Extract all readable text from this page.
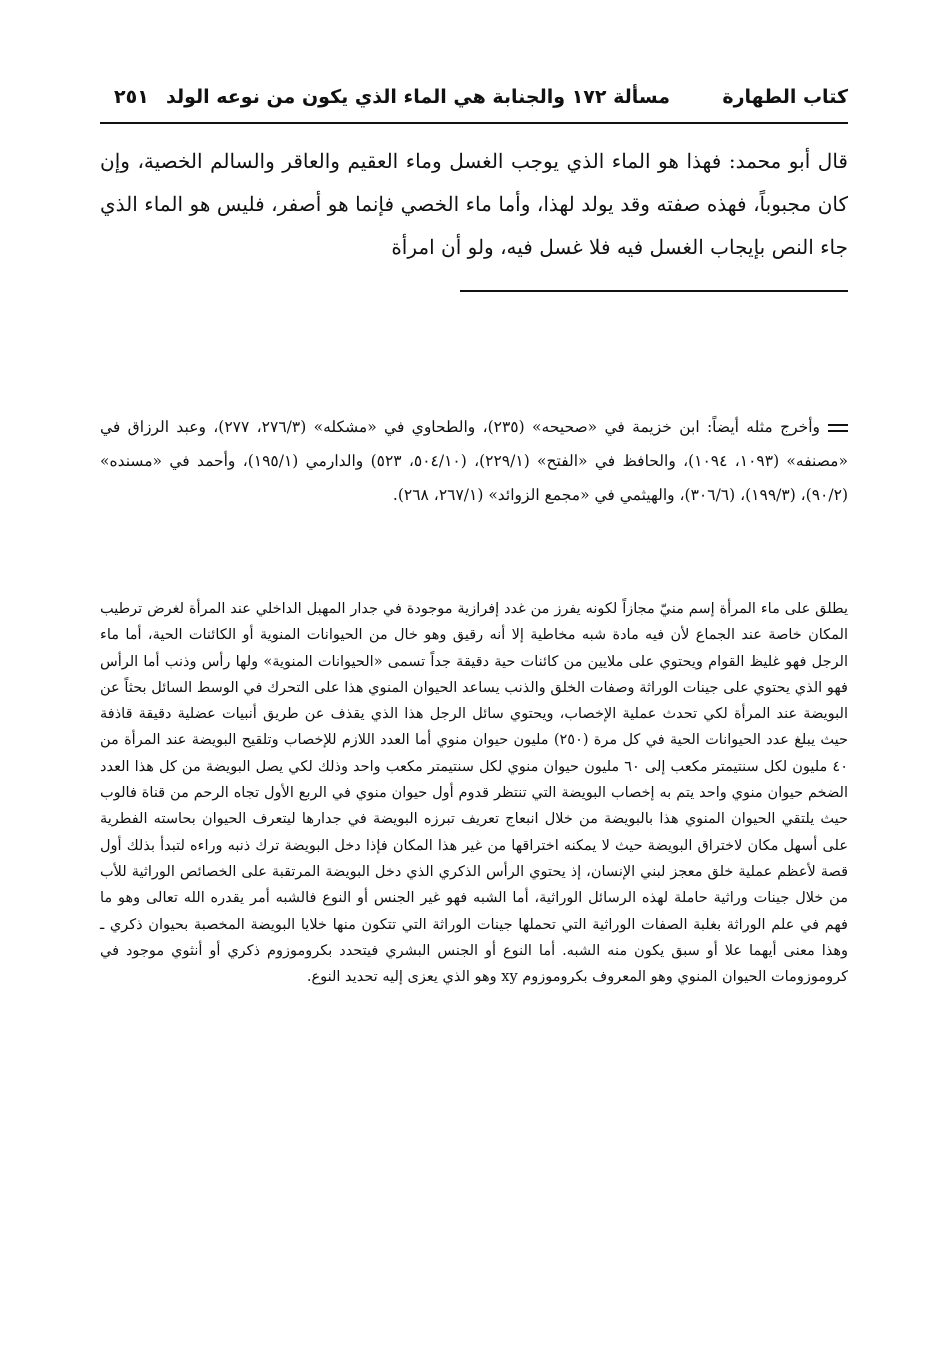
كتاب الطهارة
مسألة ١٧٢ والجنابة هي الماء الذي يكون من نوعه الولد
٢٥١

قال أبو محمد: فهذا هو الماء الذي يوجب الغسل وماء العقيم والعاقر والسالم الخصية، وإن كان مجبوباً، فهذه صفته وقد يولد لهذا، وأما ماء الخصي فإنما هو أصفر، فليس هو الماء الذي جاء النص بإيجاب الغسل فيه فلا غسل فيه، ولو أن امرأة

وأخرج مثله أيضاً: ابن خزيمة في «صحيحه» (٢٣٥)، والطحاوي في «مشكله» (٢٧٦/٣، ٢٧٧)، وعبد الرزاق في «مصنفه» (١٠٩٣، ١٠٩٤)، والحافظ في «الفتح» (٢٢٩/١)، (٥٠٤/١٠، ٥٢٣) والدارمي (١٩٥/١)، وأحمد في «مسنده» (٩٠/٢)، (١٩٩/٣)، (٣٠٦/٦)، والهيثمي في «مجمع الزوائد» (٢٦٧/١، ٢٦٨).

يطلق على ماء المرأة إسم منيّ مجازاً لكونه يفرز من غدد إفرازية موجودة في جدار المهبل الداخلي عند المرأة لغرض ترطيب المكان خاصة عند الجماع لأن فيه مادة شبه مخاطية إلا أنه رقيق وهو خال من الحيوانات المنوية أو الكائنات الحية، أما ماء الرجل فهو غليظ القوام ويحتوي على ملايين من كائنات حية دقيقة جداً تسمى «الحيوانات المنوية» ولها رأس وذنب أما الرأس فهو الذي يحتوي على جينات الوراثة وصفات الخلق والذنب يساعد الحيوان المنوي هذا على التحرك في الوسط السائل بحثاً عن البويضة عند المرأة لكي تحدث عملية الإخصاب، ويحتوي سائل الرجل هذا الذي يقذف عن طريق أنبيات عضلية دقيقة قاذفة حيث يبلغ عدد الحيوانات الحية في كل مرة (٢٥٠) مليون حيوان منوي أما العدد اللازم للإخصاب وتلقيح البويضة عند المرأة من ٤٠ مليون لكل سنتيمتر مكعب إلى ٦٠ مليون حيوان منوي لكل سنتيمتر مكعب واحد وذلك لكي يصل البويضة من كل هذا العدد الضخم حيوان منوي واحد يتم به إخصاب البويضة التي تنتظر قدوم أول حيوان منوي في الربع الأول تجاه الرحم من قناة فالوب حيث يلتقي الحيوان المنوي هذا بالبويضة من خلال انبعاج تعريف تبرزه البويضة في جدارها ليتعرف الحيوان بحاسته الفطرية على أسهل مكان لاختراق البويضة حيث لا يمكنه اختراقها من غير هذا المكان فإذا دخل البويضة ترك ذنبه وراءه لتبدأ بذلك أول قصة لأعظم عملية خلق معجز لبني الإنسان، إذ يحتوي الرأس الذكري الذي دخل البويضة المرتقبة على الخصائص الوراثية للأب من خلال جينات وراثية حاملة لهذه الرسائل الوراثية، أما الشبه فهو غير الجنس أو النوع فالشبه أمر يقدره الله تعالى وهو ما فهم في علم الوراثة بغلبة الصفات الوراثية التي تحملها جينات الوراثة التي تتكون منها خلايا البويضة المخصبة بحيوان ذكري ـ وهذا معنى أيهما علا أو سبق يكون منه الشبه. أما النوع أو الجنس البشري فيتحدد بكروموزوم ذكري أو أنثوي موجود في كروموزومات الحيوان المنوي وهو المعروف بكروموزوم xy وهو الذي يعزى إليه تحديد النوع.
